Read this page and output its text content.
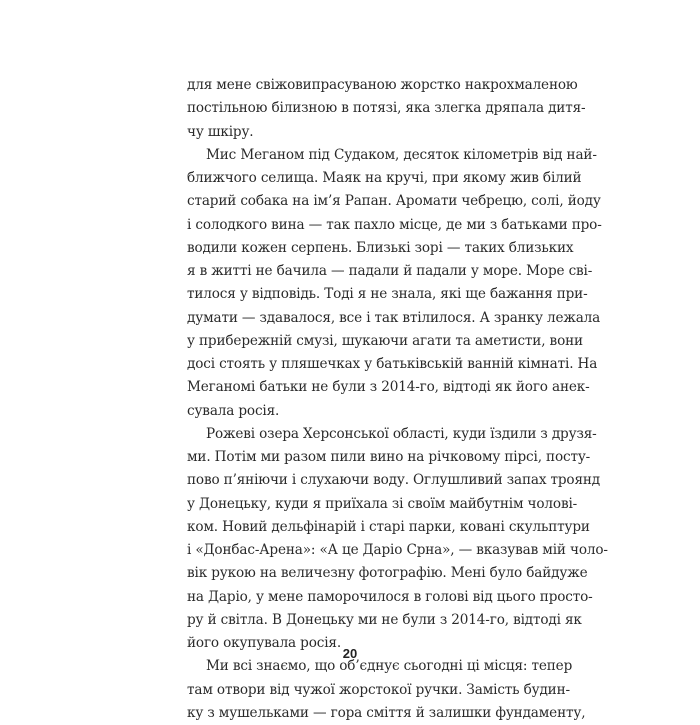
для мене свіжовипрасуваною жорстко накрохмаленою
постільною білизною в потязі, яка злегка дряпала дитя-
чу шкіру.
Мис Меганом під Судаком, десяток кілометрів від най-
ближчого селища. Маяк на кручі, при якому жив білий
старий собака на ім’я Рапан. Аромати чебрецю, солі, йоду
і солодкого вина — так пахло місце, де ми з батьками про-
водили кожен серпень. Близькі зорі — таких близьких
я в житті не бачила — падали й падали у море. Море сві-
тилося у відповідь. Тоді я не знала, які ще бажання при-
думати — здавалося, все і так втілилося. А зранку лежала
у прибережній смузі, шукаючи агати та аметисти, вони
досі стоять у пляшечках у батьківській ванній кімнаті. На
Меганомі батьки не були з 2014-го, відтоді як його анек-
сувала росія.
Рожеві озера Херсонської області, куди їздили з друзя-
ми. Потім ми разом пили вино на річковому пірсі, посту-
пово п’яніючи і слухаючи воду. Оглушливий запах троянд
у Донецьку, куди я приїхала зі своїм майбутнім чолові-
ком. Новий дельфінарій і старі парки, ковані скульптури
і «Донбас-Арена»: «А це Даріо Срна», — вказував мій чоло-
вік рукою на величезну фотографію. Мені було байдуже
на Даріо, у мене паморочилося в голові від цього просто-
ру й світла. В Донецьку ми не були з 2014-го, відтоді як
його окупувала росія.
Ми всі знаємо, що об’єднує сьогодні ці місця: тепер
там отвори від чужої жорстокої ручки. Замість будин-
ку з мушельками — гора сміття й залишки фундаменту,
20
